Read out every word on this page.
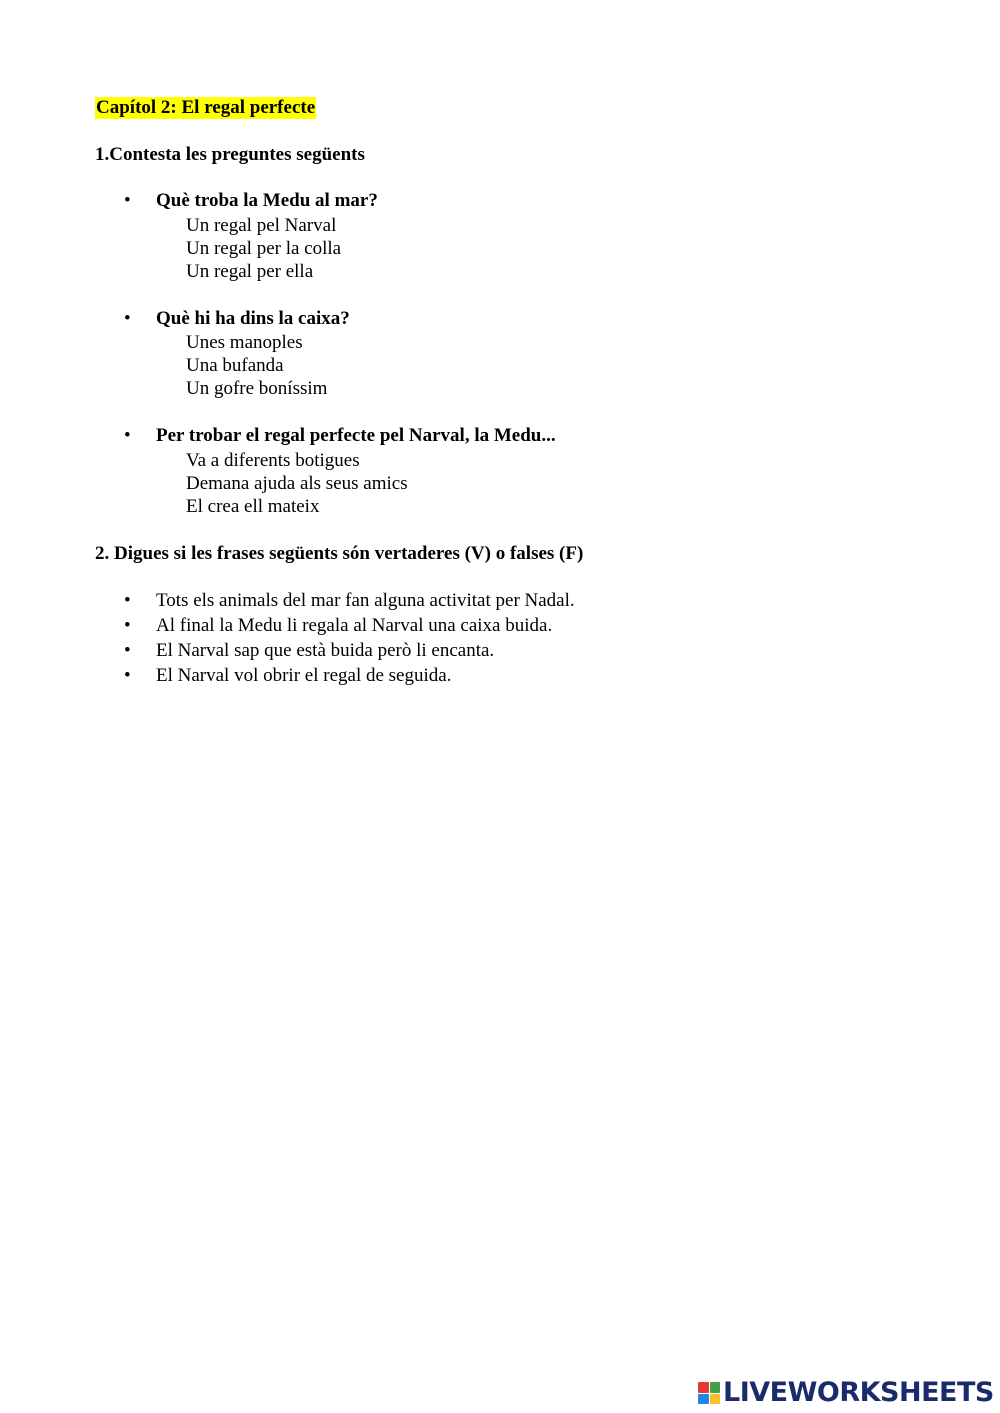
Capítol 2: El regal perfecte
1.Contesta les preguntes següents
• Què troba la Medu al mar?
Un regal pel Narval
Un regal per la colla
Un regal per ella
• Què hi ha dins la caixa?
Unes manoples
Una bufanda
Un gofre boníssim
• Per trobar el regal perfecte pel Narval, la Medu...
Va a diferents botigues
Demana ajuda als seus amics
El crea ell mateix
2. Digues si les frases següents són vertaderes (V) o falses (F)
• Tots els animals del mar fan alguna activitat per Nadal.
• Al final la Medu li regala al Narval una caixa buida.
• El Narval sap que està buida però li encanta.
• El Narval vol obrir el regal de seguida.
LIVEWORKSHEETS
